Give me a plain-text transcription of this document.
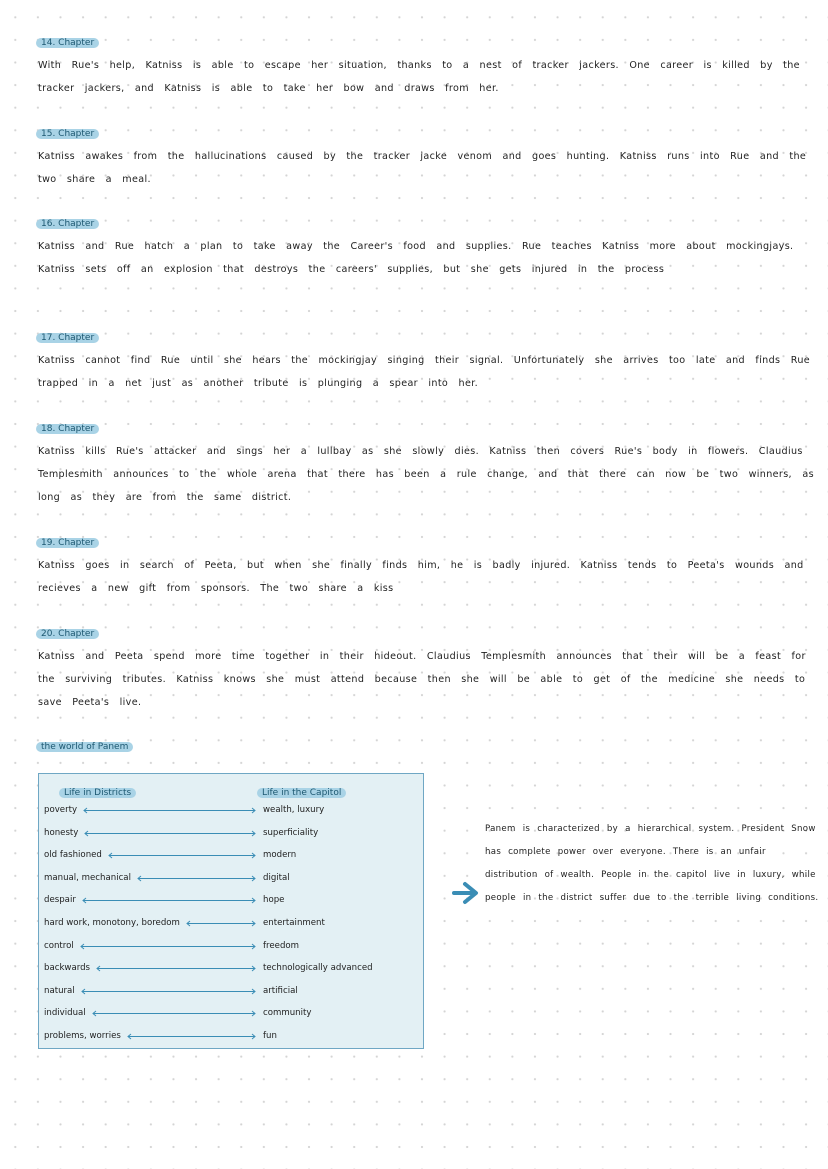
14. Chapter

With Rue's help, Katniss is able to escape her situation, thanks to a nest of tracker jackers. One career is killed by the tracker jackers, and Katniss is able to take her bow and draws from her.

15. Chapter

Katniss awakes from the hallucinations caused by the tracker jacke venom and goes hunting. Katniss runs into Rue and the two share a meal.

16. Chapter

Katniss and Rue hatch a plan to take away the Career's food and supplies. Rue teaches Katniss more about mockingjays. Katniss sets off an explosion that destroys the careers' supplies, but she gets injured in the process

17. Chapter

Katniss cannot find Rue until she hears the mockingjay singing their signal. Unfortunately she arrives too late and finds Rue trapped in a net just as another tribute is plunging a spear into her.

18. Chapter

Katniss kills Rue's attacker and sings her a lullbay as she slowly dies. Katniss then covers Rue's body in flowers. Claudius Templesmith announces to the whole arena that there has been a rule change, and that there can now be two winners, as long as they are from the same district.

19. Chapter

Katniss goes in search of Peeta, but when she finally finds him, he is badly injured. Katniss tends to Peeta's wounds and recieves a new gift from sponsors. The two share a kiss

20. Chapter

Katniss and Peeta spend more time together in their hideout. Claudius Templesmith announces that their will be a feast for the surviving tributes. Katniss knows she must attend because then she will be able to get of the medicine she needs to save Peeta's live.

the world of Panem
Life in Districts	Life in the Capitol
poverty	wealth, luxury
honesty	superficiality
old fashioned	modern
manual, mechanical	digital
despair	hope
hard work, monotony, boredom	entertainment
control	freedom
backwards	technologically advanced
natural	artificial
individual	community
problems, worries	fun

Panem is characterized by a hierarchical system. President Snow has complete power over everyone. There is an unfair distribution of wealth. People in the capitol live in luxury, while people in the district suffer due to the terrible living conditions.
